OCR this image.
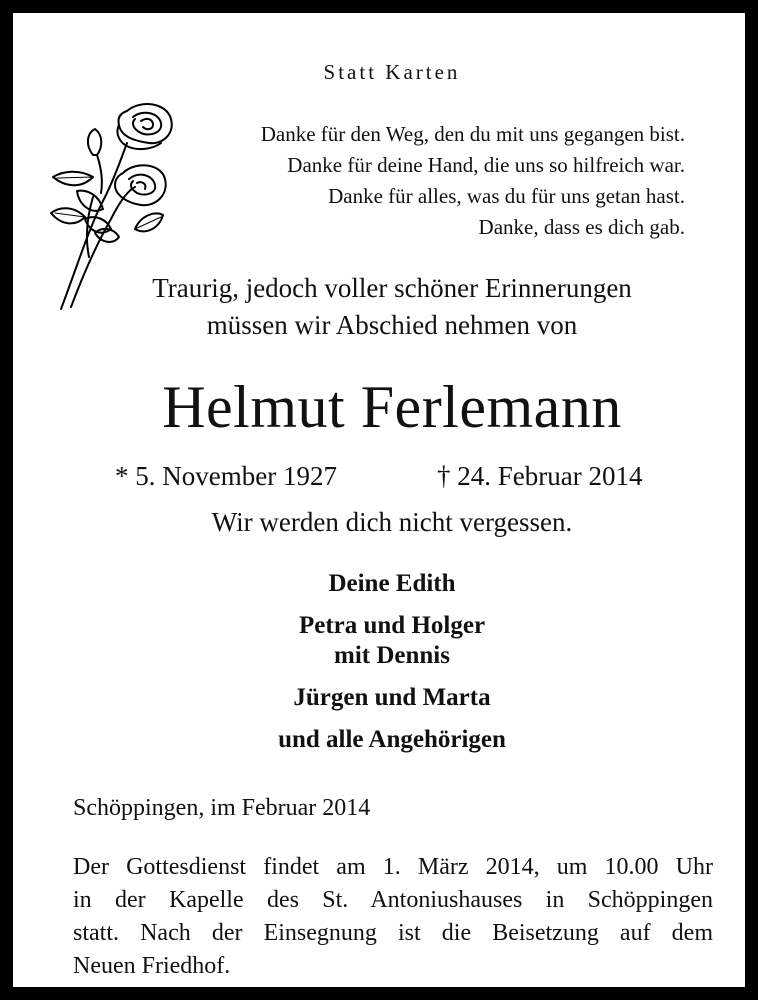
Statt Karten
Danke für den Weg, den du mit uns gegangen bist.
Danke für deine Hand, die uns so hilfreich war.
Danke für alles, was du für uns getan hast.
Danke, dass es dich gab.
Traurig, jedoch voller schöner Erinnerungen
müssen wir Abschied nehmen von
Helmut Ferlemann
* 5. November 1927	† 24. Februar 2014
Wir werden dich nicht vergessen.
Deine Edith
Petra und Holger
mit Dennis
Jürgen und Marta
und alle Angehörigen
Schöppingen, im Februar 2014
Der Gottesdienst findet am 1. März 2014, um 10.00 Uhr
in der Kapelle des St. Antoniushauses in Schöppingen
statt. Nach der Einsegnung ist die Beisetzung auf dem
Neuen Friedhof.
